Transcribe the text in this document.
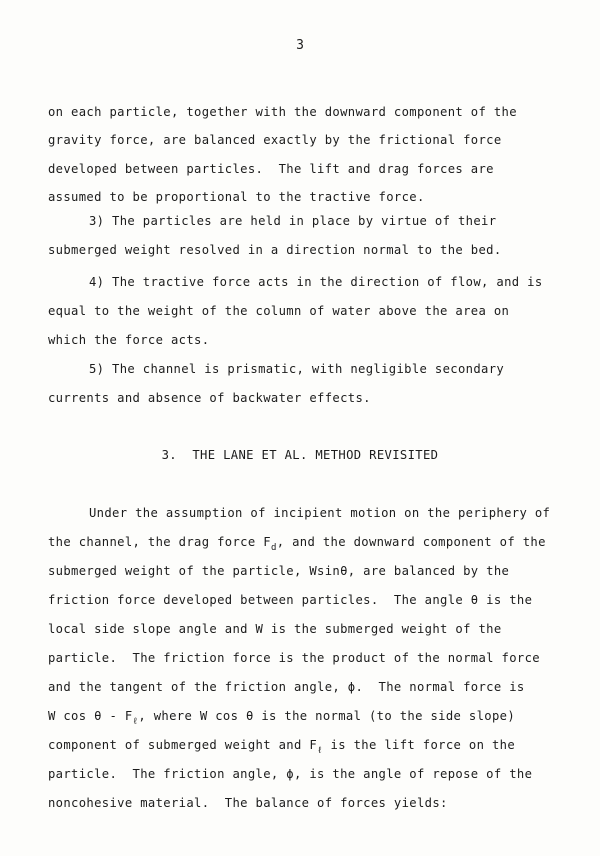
3
on each particle, together with the downward component of the
gravity force, are balanced exactly by the frictional force
developed between particles.  The lift and drag forces are
assumed to be proportional to the tractive force.
3) The particles are held in place by virtue of their
submerged weight resolved in a direction normal to the bed.
4) The tractive force acts in the direction of flow, and is
equal to the weight of the column of water above the area on
which the force acts.
5) The channel is prismatic, with negligible secondary
currents and absence of backwater effects.
3.  THE LANE ET AL. METHOD REVISITED
Under the assumption of incipient motion on the periphery of
the channel, the drag force $F_d$, and the downward component of the
submerged weight of the particle, Wsinθ, are balanced by the
friction force developed between particles.  The angle θ is the
local side slope angle and W is the submerged weight of the
particle.  The friction force is the product of the normal force
and the tangent of the friction angle, ϕ.  The normal force is
W cos θ - $F_\ell$, where W cos θ is the normal (to the side slope)
component of submerged weight and $F_\ell$ is the lift force on the
particle.  The friction angle, ϕ, is the angle of repose of the
noncohesive material.  The balance of forces yields:
